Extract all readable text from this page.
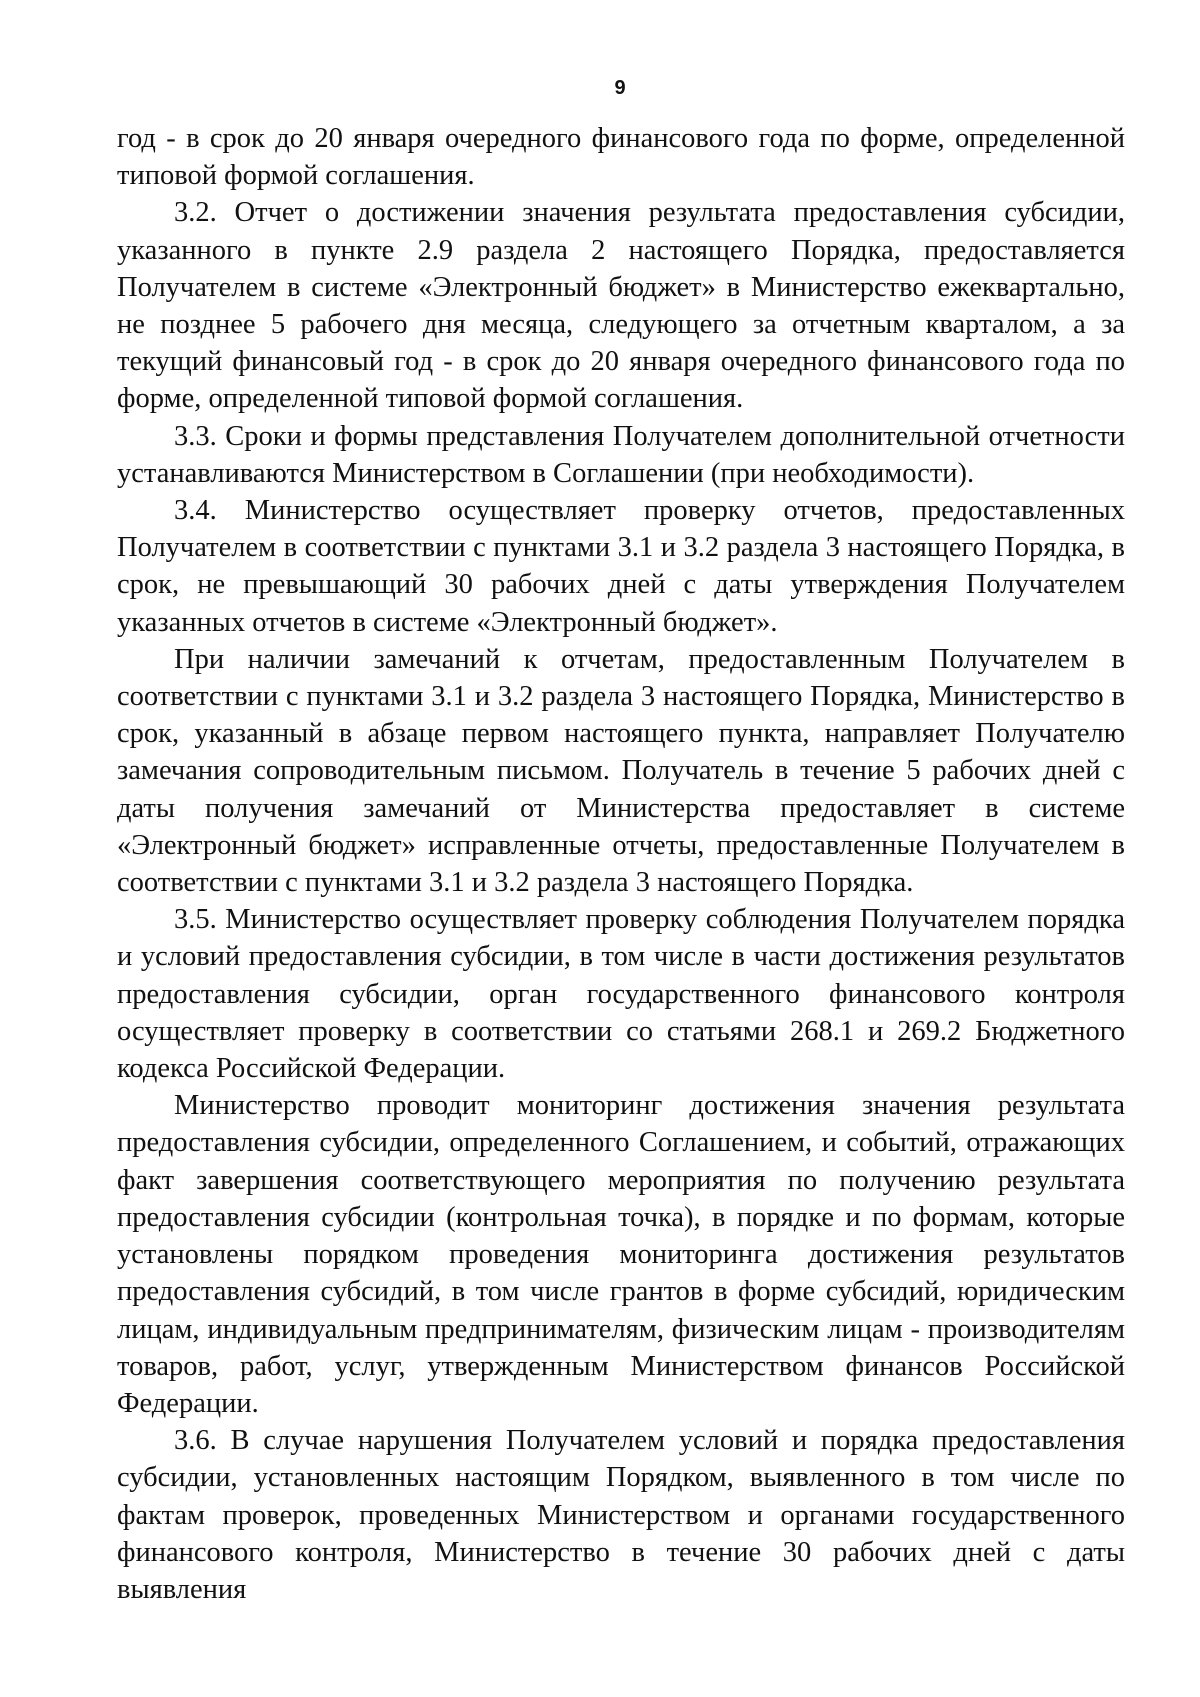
9

год - в срок до 20 января очередного финансового года по форме, определенной типовой формой соглашения.

3.2. Отчет о достижении значения результата предоставления субсидии, указанного в пункте 2.9 раздела 2 настоящего Порядка, предоставляется Получателем в системе «Электронный бюджет» в Министерство ежеквартально, не позднее 5 рабочего дня месяца, следующего за отчетным кварталом, а за текущий финансовый год - в срок до 20 января очередного финансового года по форме, определенной типовой формой соглашения.

3.3. Сроки и формы представления Получателем дополнительной отчетности устанавливаются Министерством в Соглашении (при необходимости).

3.4. Министерство осуществляет проверку отчетов, предоставленных Получателем в соответствии с пунктами 3.1 и 3.2 раздела 3 настоящего Порядка, в срок, не превышающий 30 рабочих дней с даты утверждения Получателем указанных отчетов в системе «Электронный бюджет».

При наличии замечаний к отчетам, предоставленным Получателем в соответствии с пунктами 3.1 и 3.2 раздела 3 настоящего Порядка, Министерство в срок, указанный в абзаце первом настоящего пункта, направляет Получателю замечания сопроводительным письмом. Получатель в течение 5 рабочих дней с даты получения замечаний от Министерства предоставляет в системе «Электронный бюджет» исправленные отчеты, предоставленные Получателем в соответствии с пунктами 3.1 и 3.2 раздела 3 настоящего Порядка.

3.5. Министерство осуществляет проверку соблюдения Получателем порядка и условий предоставления субсидии, в том числе в части достижения результатов предоставления субсидии, орган государственного финансового контроля осуществляет проверку в соответствии со статьями 268.1 и 269.2 Бюджетного кодекса Российской Федерации.

Министерство проводит мониторинг достижения значения результата предоставления субсидии, определенного Соглашением, и событий, отражающих факт завершения соответствующего мероприятия по получению результата предоставления субсидии (контрольная точка), в порядке и по формам, которые установлены порядком проведения мониторинга достижения результатов предоставления субсидий, в том числе грантов в форме субсидий, юридическим лицам, индивидуальным предпринимателям, физическим лицам - производителям товаров, работ, услуг, утвержденным Министерством финансов Российской Федерации.

3.6. В случае нарушения Получателем условий и порядка предоставления субсидии, установленных настоящим Порядком, выявленного в том числе по фактам проверок, проведенных Министерством и органами государственного финансового контроля, Министерство в течение 30 рабочих дней с даты выявления
